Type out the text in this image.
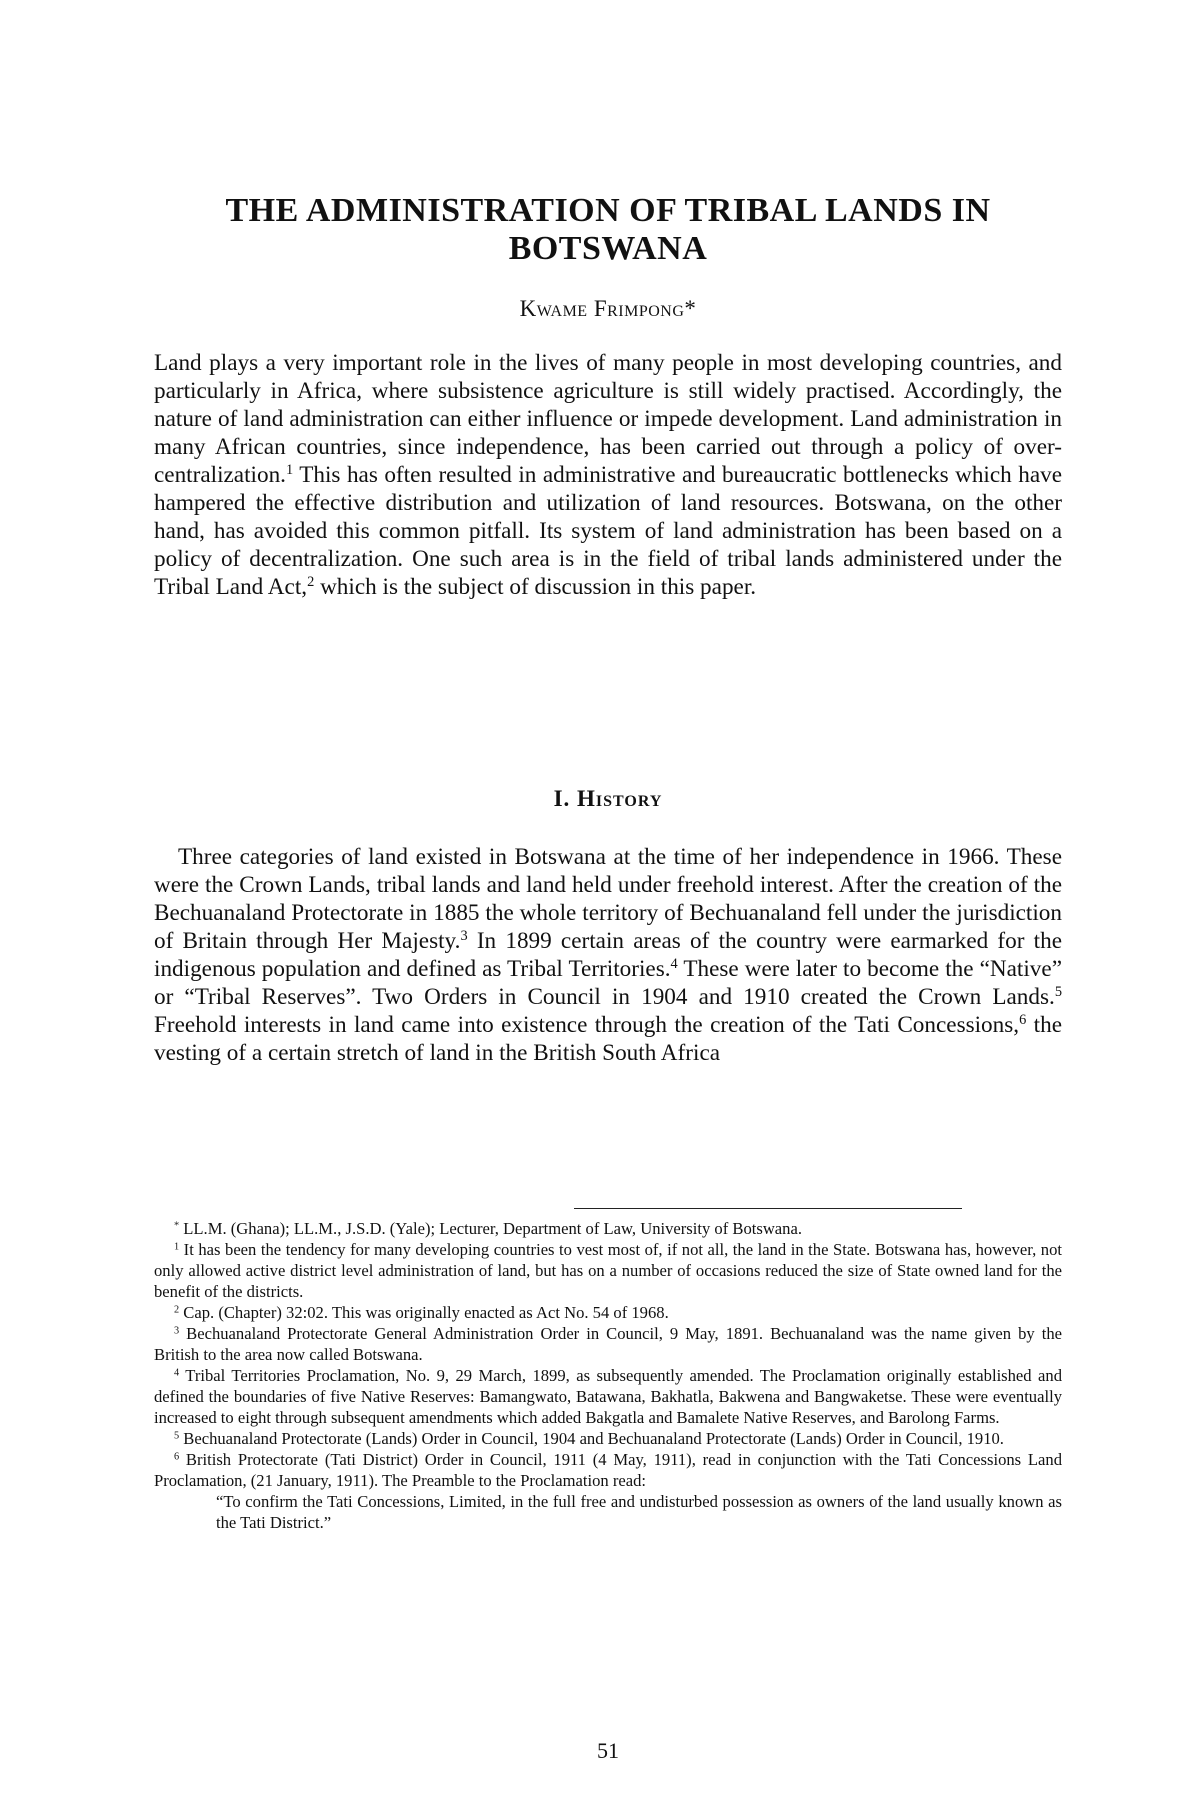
THE ADMINISTRATION OF TRIBAL LANDS IN BOTSWANA

Kwame Frimpong*

Land plays a very important role in the lives of many people in most developing countries, and particularly in Africa, where subsistence agriculture is still widely practised. Accordingly, the nature of land administration can either influence or impede development. Land administration in many African countries, since independence, has been carried out through a policy of over-centralization.$^1$ This has often resulted in administrative and bureaucratic bottlenecks which have hampered the effective distribution and utilization of land resources. Botswana, on the other hand, has avoided this common pitfall. Its system of land administration has been based on a policy of decentralization. One such area is in the field of tribal lands administered under the Tribal Land Act,$^2$ which is the subject of discussion in this paper.

I. History

Three categories of land existed in Botswana at the time of her independence in 1966. These were the Crown Lands, tribal lands and land held under freehold interest. After the creation of the Bechuanaland Protectorate in 1885 the whole territory of Bechuanaland fell under the jurisdiction of Britain through Her Majesty.$^3$ In 1899 certain areas of the country were earmarked for the indigenous population and defined as Tribal Territories.$^4$ These were later to become the “Native” or “Tribal Reserves”. Two Orders in Council in 1904 and 1910 created the Crown Lands.$^5$ Freehold interests in land came into existence through the creation of the Tati Concessions,$^6$ the vesting of a certain stretch of land in the British South Africa

* LL.M. (Ghana); LL.M., J.S.D. (Yale); Lecturer, Department of Law, University of Botswana.

$^1$ It has been the tendency for many developing countries to vest most of, if not all, the land in the State. Botswana has, however, not only allowed active district level administration of land, but has on a number of occasions reduced the size of State owned land for the benefit of the districts.

$^2$ Cap. (Chapter) 32:02. This was originally enacted as Act No. 54 of 1968.

$^3$ Bechuanaland Protectorate General Administration Order in Council, 9 May, 1891. Bechuanaland was the name given by the British to the area now called Botswana.

$^4$ Tribal Territories Proclamation, No. 9, 29 March, 1899, as subsequently amended. The Proclamation originally established and defined the boundaries of five Native Reserves: Bamangwato, Batawana, Bakhatla, Bakwena and Bangwaketse. These were eventually increased to eight through subsequent amendments which added Bakgatla and Bamalete Native Reserves, and Barolong Farms.

$^5$ Bechuanaland Protectorate (Lands) Order in Council, 1904 and Bechuanaland Protectorate (Lands) Order in Council, 1910.

$^6$ British Protectorate (Tati District) Order in Council, 1911 (4 May, 1911), read in conjunction with the Tati Concessions Land Proclamation, (21 January, 1911). The Preamble to the Proclamation read:

“To confirm the Tati Concessions, Limited, in the full free and undisturbed possession as owners of the land usually known as the Tati District.”

51
